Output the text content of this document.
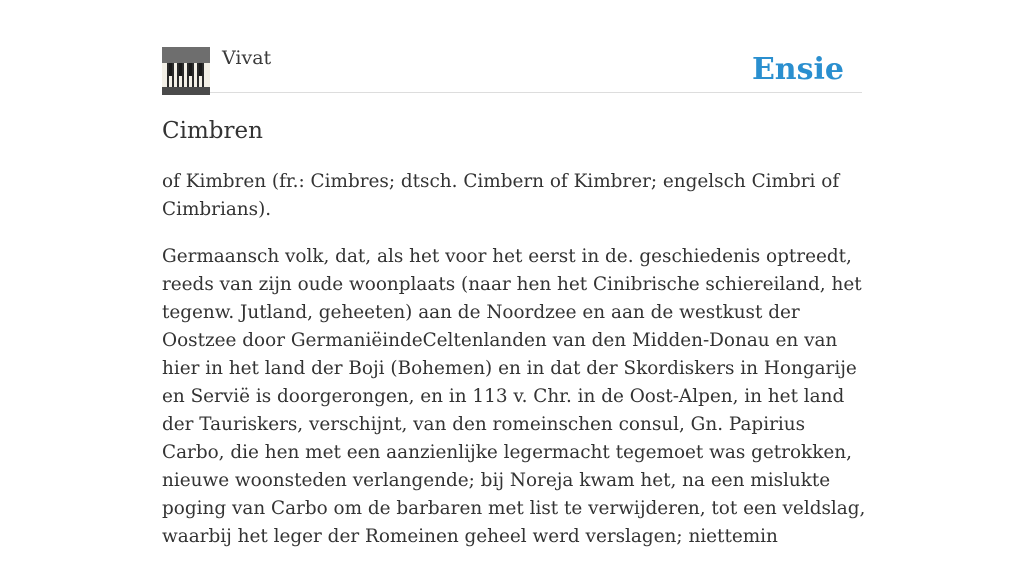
Vivat	Ensie
Cimbren

of Kimbren (fr.: Cimbres; dtsch. Cimbern of Kimbrer; engelsch Cimbri of Cimbrians).

Germaansch volk, dat, als het voor het eerst in de. geschiedenis optreedt, reeds van zijn oude woonplaats (naar hen het Cinibrische schiereiland, het tegenw. Jutland, geheeten) aan de Noordzee en aan de westkust der Oostzee door GermaniëindeCeltenlanden van den Midden-Donau en van hier in het land der Boji (Bohemen) en in dat der Skordiskers in Hongarije en Servië is doorgerongen, en in 113 v. Chr. in de Oost-Alpen, in het land der Tauriskers, verschijnt, van den romeinschen consul, Gn. Papirius Carbo, die hen met een aanzienlijke legermacht tegemoet was getrokken, nieuwe woonsteden verlangende; bij Noreja kwam het, na een mislukte poging van Carbo om de barbaren met list te verwijderen, tot een veldslag, waarbij het leger der Romeinen geheel werd verslagen; niettemin
